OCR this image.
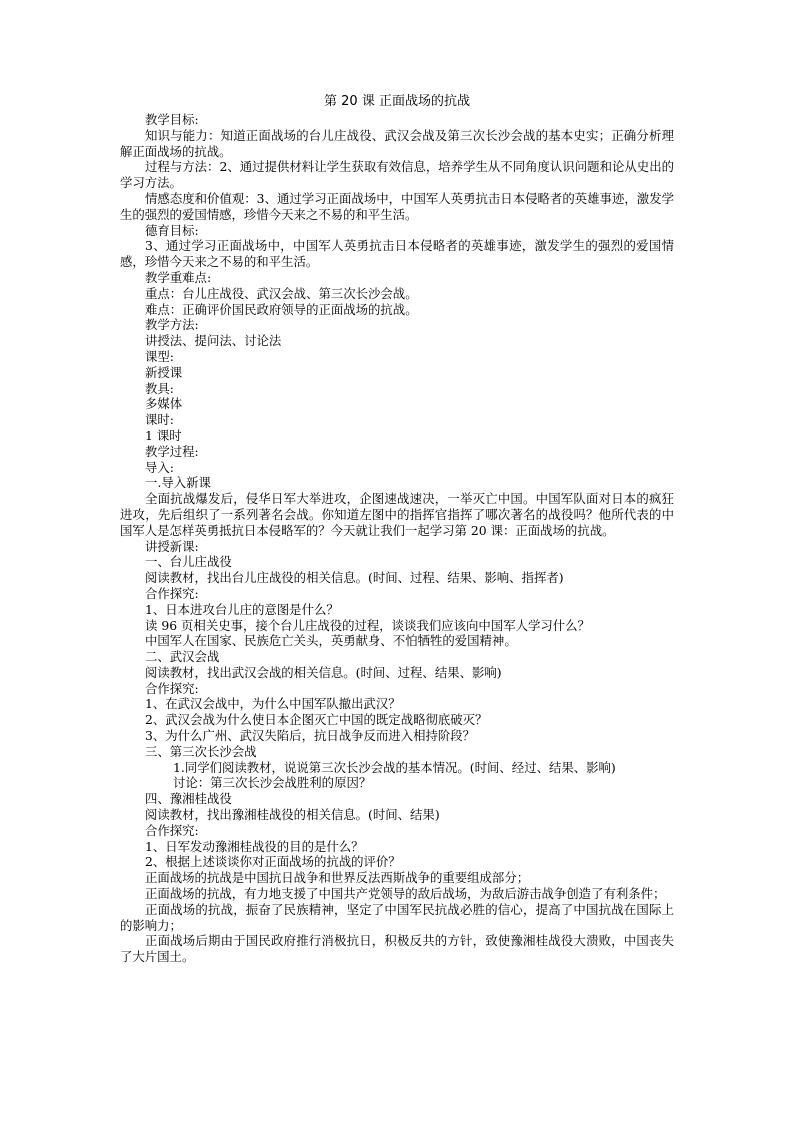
第 20 课 正面战场的抗战

教学目标:

知识与能力：知道正面战场的台儿庄战役、武汉会战及第三次长沙会战的基本史实；正确分析理解正面战场的抗战。

过程与方法：2、通过提供材料让学生获取有效信息，培养学生从不同角度认识问题和论从史出的学习方法。

情感态度和价值观：3、通过学习正面战场中，中国军人英勇抗击日本侵略者的英雄事迹，激发学生的强烈的爱国情感，珍惜今天来之不易的和平生活。

德育目标:

3、通过学习正面战场中，中国军人英勇抗击日本侵略者的英雄事迹，激发学生的强烈的爱国情感，珍惜今天来之不易的和平生活。

教学重难点:

重点：台儿庄战役、武汉会战、第三次长沙会战。

难点：正确评价国民政府领导的正面战场的抗战。

教学方法:

讲授法、提问法、讨论法

课型:

新授课

教具:

多媒体

课时:

1 课时

教学过程:

导入:

一.导入新课

全面抗战爆发后，侵华日军大举进攻，企图速战速决，一举灭亡中国。中国军队面对日本的疯狂进攻，先后组织了一系列著名会战。你知道左图中的指挥官指挥了哪次著名的战役吗？他所代表的中国军人是怎样英勇抵抗日本侵略军的？今天就让我们一起学习第 20 课：正面战场的抗战。

讲授新课:

一、台儿庄战役

阅读教材，找出台儿庄战役的相关信息。(时间、过程、结果、影响、指挥者)

合作探究:

1、日本进攻台儿庄的意图是什么？

读 96 页相关史事，接个台儿庄战役的过程，谈谈我们应该向中国军人学习什么？

中国军人在国家、民族危亡关头，英勇献身、不怕牺牲的爱国精神。

二、武汉会战

阅读教材，找出武汉会战的相关信息。(时间、过程、结果、影响)

合作探究:

1、在武汉会战中，为什么中国军队撤出武汉？

2、武汉会战为什么使日本企图灭亡中国的既定战略彻底破灭？

3、为什么广州、武汉失陷后，抗日战争反而进入相持阶段？

三、第三次长沙会战

1.同学们阅读教材，说说第三次长沙会战的基本情况。(时间、经过、结果、影响)

讨论：第三次长沙会战胜利的原因？

四、豫湘桂战役

阅读教材，找出豫湘桂战役的相关信息。(时间、结果)

合作探究:

1、日军发动豫湘桂战役的目的是什么？

2、根据上述谈谈你对正面战场的抗战的评价？

正面战场的抗战是中国抗日战争和世界反法西斯战争的重要组成部分；

正面战场的抗战，有力地支援了中国共产党领导的敌后战场，为敌后游击战争创造了有利条件；

正面战场的抗战，振奋了民族精神，坚定了中国军民抗战必胜的信心，提高了中国抗战在国际上的影响力；

正面战场后期由于国民政府推行消极抗日，积极反共的方针，致使豫湘桂战役大溃败，中国丧失了大片国土。
